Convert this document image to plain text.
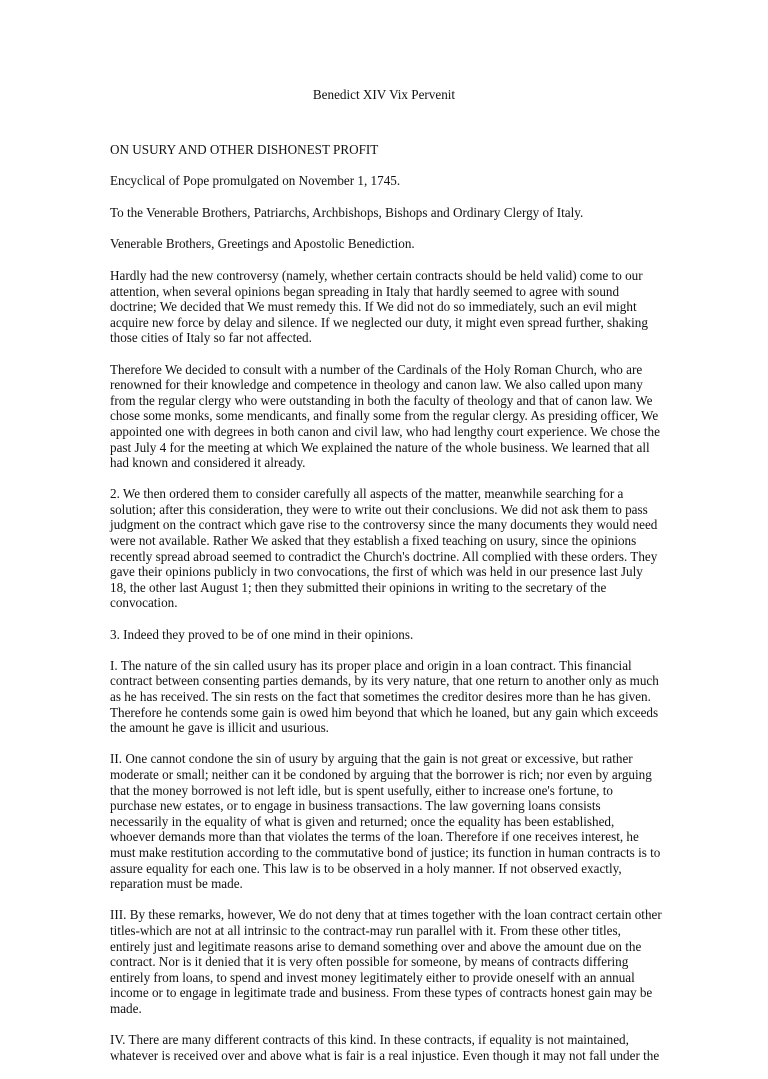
Benedict XIV Vix Pervenit

ON USURY AND OTHER DISHONEST PROFIT

Encyclical of Pope promulgated on November 1, 1745.

To the Venerable Brothers, Patriarchs, Archbishops, Bishops and Ordinary Clergy of Italy.

Venerable Brothers, Greetings and Apostolic Benediction.

Hardly had the new controversy (namely, whether certain contracts should be held valid) come to our attention, when several opinions began spreading in Italy that hardly seemed to agree with sound doctrine; We decided that We must remedy this. If We did not do so immediately, such an evil might acquire new force by delay and silence. If we neglected our duty, it might even spread further, shaking those cities of Italy so far not affected.

Therefore We decided to consult with a number of the Cardinals of the Holy Roman Church, who are renowned for their knowledge and competence in theology and canon law. We also called upon many from the regular clergy who were outstanding in both the faculty of theology and that of canon law. We chose some monks, some mendicants, and finally some from the regular clergy. As presiding officer, We appointed one with degrees in both canon and civil law, who had lengthy court experience. We chose the past July 4 for the meeting at which We explained the nature of the whole business. We learned that all had known and considered it already.

2. We then ordered them to consider carefully all aspects of the matter, meanwhile searching for a solution; after this consideration, they were to write out their conclusions. We did not ask them to pass judgment on the contract which gave rise to the controversy since the many documents they would need were not available. Rather We asked that they establish a fixed teaching on usury, since the opinions recently spread abroad seemed to contradict the Church's doctrine. All complied with these orders. They gave their opinions publicly in two convocations, the first of which was held in our presence last July 18, the other last August 1; then they submitted their opinions in writing to the secretary of the convocation.

3. Indeed they proved to be of one mind in their opinions.

I. The nature of the sin called usury has its proper place and origin in a loan contract. This financial contract between consenting parties demands, by its very nature, that one return to another only as much as he has received. The sin rests on the fact that sometimes the creditor desires more than he has given. Therefore he contends some gain is owed him beyond that which he loaned, but any gain which exceeds the amount he gave is illicit and usurious.

II. One cannot condone the sin of usury by arguing that the gain is not great or excessive, but rather moderate or small; neither can it be condoned by arguing that the borrower is rich; nor even by arguing that the money borrowed is not left idle, but is spent usefully, either to increase one's fortune, to purchase new estates, or to engage in business transactions. The law governing loans consists necessarily in the equality of what is given and returned; once the equality has been established, whoever demands more than that violates the terms of the loan. Therefore if one receives interest, he must make restitution according to the commutative bond of justice; its function in human contracts is to assure equality for each one. This law is to be observed in a holy manner. If not observed exactly, reparation must be made.

III. By these remarks, however, We do not deny that at times together with the loan contract certain other titles-which are not at all intrinsic to the contract-may run parallel with it. From these other titles, entirely just and legitimate reasons arise to demand something over and above the amount due on the contract. Nor is it denied that it is very often possible for someone, by means of contracts differing entirely from loans, to spend and invest money legitimately either to provide oneself with an annual income or to engage in legitimate trade and business. From these types of contracts honest gain may be made.

IV. There are many different contracts of this kind. In these contracts, if equality is not maintained, whatever is received over and above what is fair is a real injustice. Even though it may not fall under the
